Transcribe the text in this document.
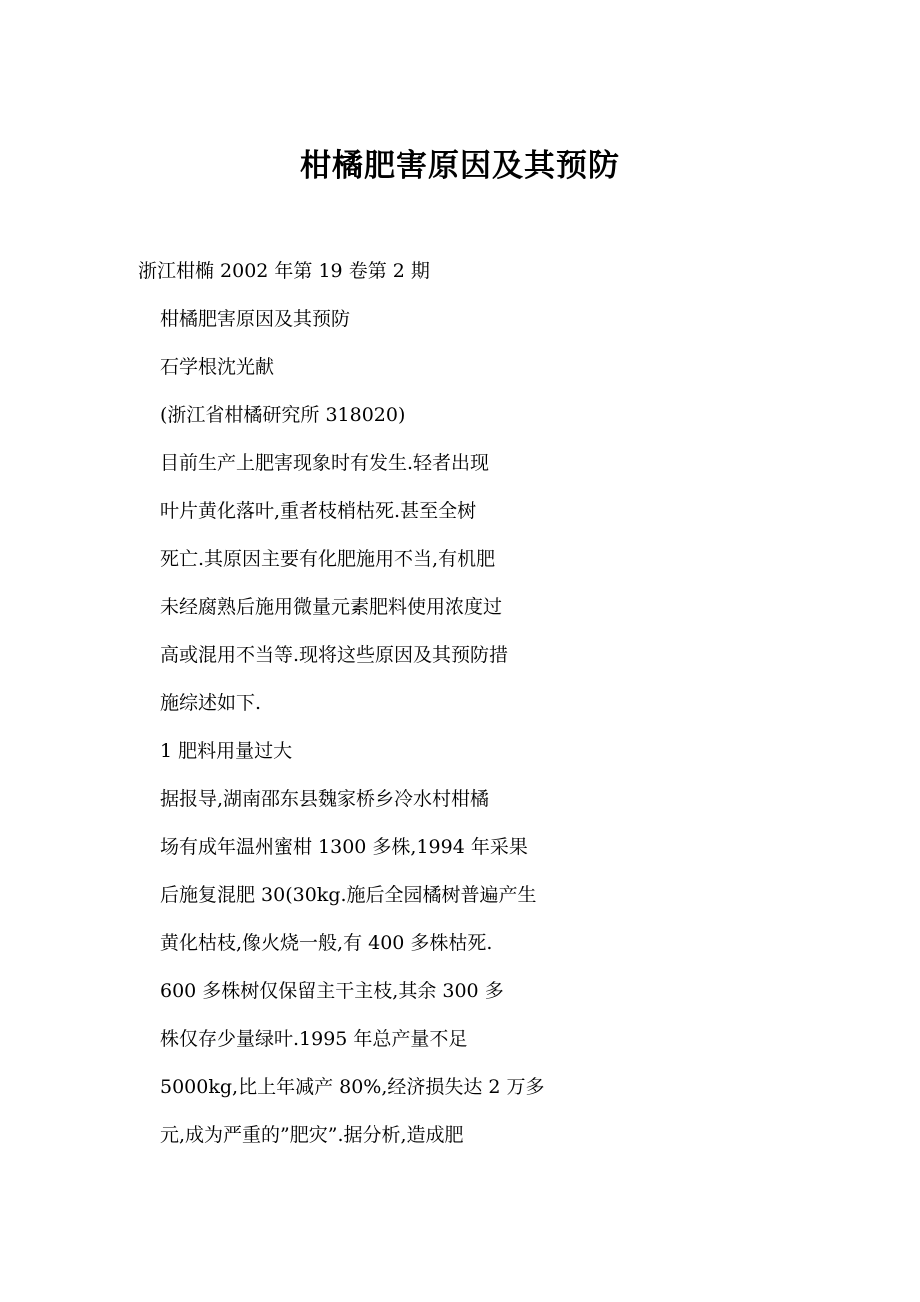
柑橘肥害原因及其预防
浙江柑椭 2002 年第 19 卷第 2 期
柑橘肥害原因及其预防
石学根沈光献
(浙江省柑橘研究所 318020)
目前生产上肥害现象时有发生.轻者出现
叶片黄化落叶,重者枝梢枯死.甚至全树
死亡.其原因主要有化肥施用不当,有机肥
未经腐熟后施用微量元素肥料使用浓度过
高或混用不当等.现将这些原因及其预防措
施综述如下.
1 肥料用量过大
据报导,湖南邵东县魏家桥乡冷水村柑橘
场有成年温州蜜柑 1300 多株,1994 年采果
后施复混肥 30(30kg.施后全园橘树普遍产生
黄化枯枝,像火烧一般,有 400 多株枯死.
600 多株树仅保留主干主枝,其余 300 多
株仅存少量绿叶.1995 年总产量不足
5000kg,比上年减产 80%,经济损失达 2 万多
元,成为严重的”肥灾”.据分析,造成肥
